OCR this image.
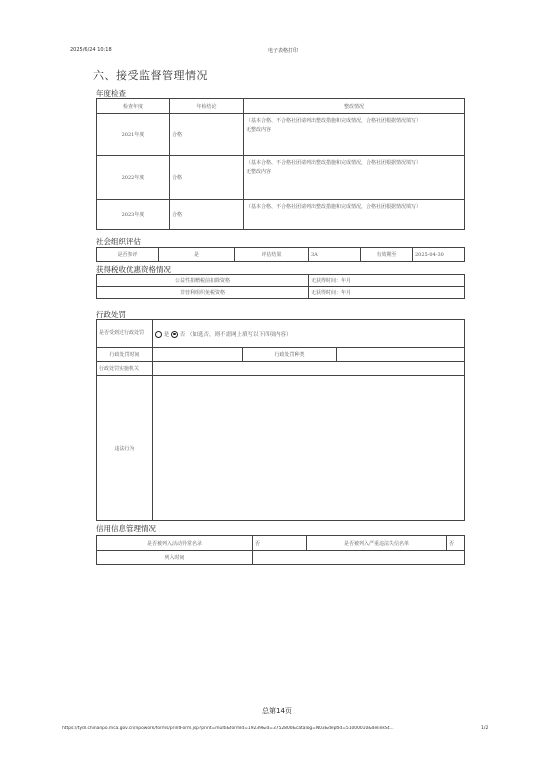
2025/6/24 10:18	电子表格打印
六、接受监督管理情况
年度检查
检查年度	年检结论	整改情况
2021年度	合格	（基本合格、不合格社团请列出整改措施和完成情况，合格社团根据情况填写）
无整改内容

2022年度	合格	（基本合格、不合格社团请列出整改措施和完成情况，合格社团根据情况填写）
无整改内容

2023年度	合格	（基本合格、不合格社团请列出整改措施和完成情况，合格社团根据情况填写）
社会组织评估
是否参评	是	评估结果	3A	有效期至	2025-04-30
获得税收优惠资格情况
公益性捐赠税前扣除资格	无获得时间：年月
非营利组织免税资格	无获得时间：年月
行政处罚
是否受到过行政处罚	是 否 （如选否，则不需网上填写以下四项内容）		
行政处罚时间		行政处罚种类	
行政处罚实施机关			
违法行为			
信用信息管理情况
是否被列入活动异常名录	否	是否被列入严重违法失信名单	否
列入时间			
总第14页
https://tydl.chinanpo.mca.gov.cn/npowork/forms/printForm.jsp?print=multi&formId=19239&id=3752800&catalog=N03&deptId=51000010&delinkSt...	1/2
